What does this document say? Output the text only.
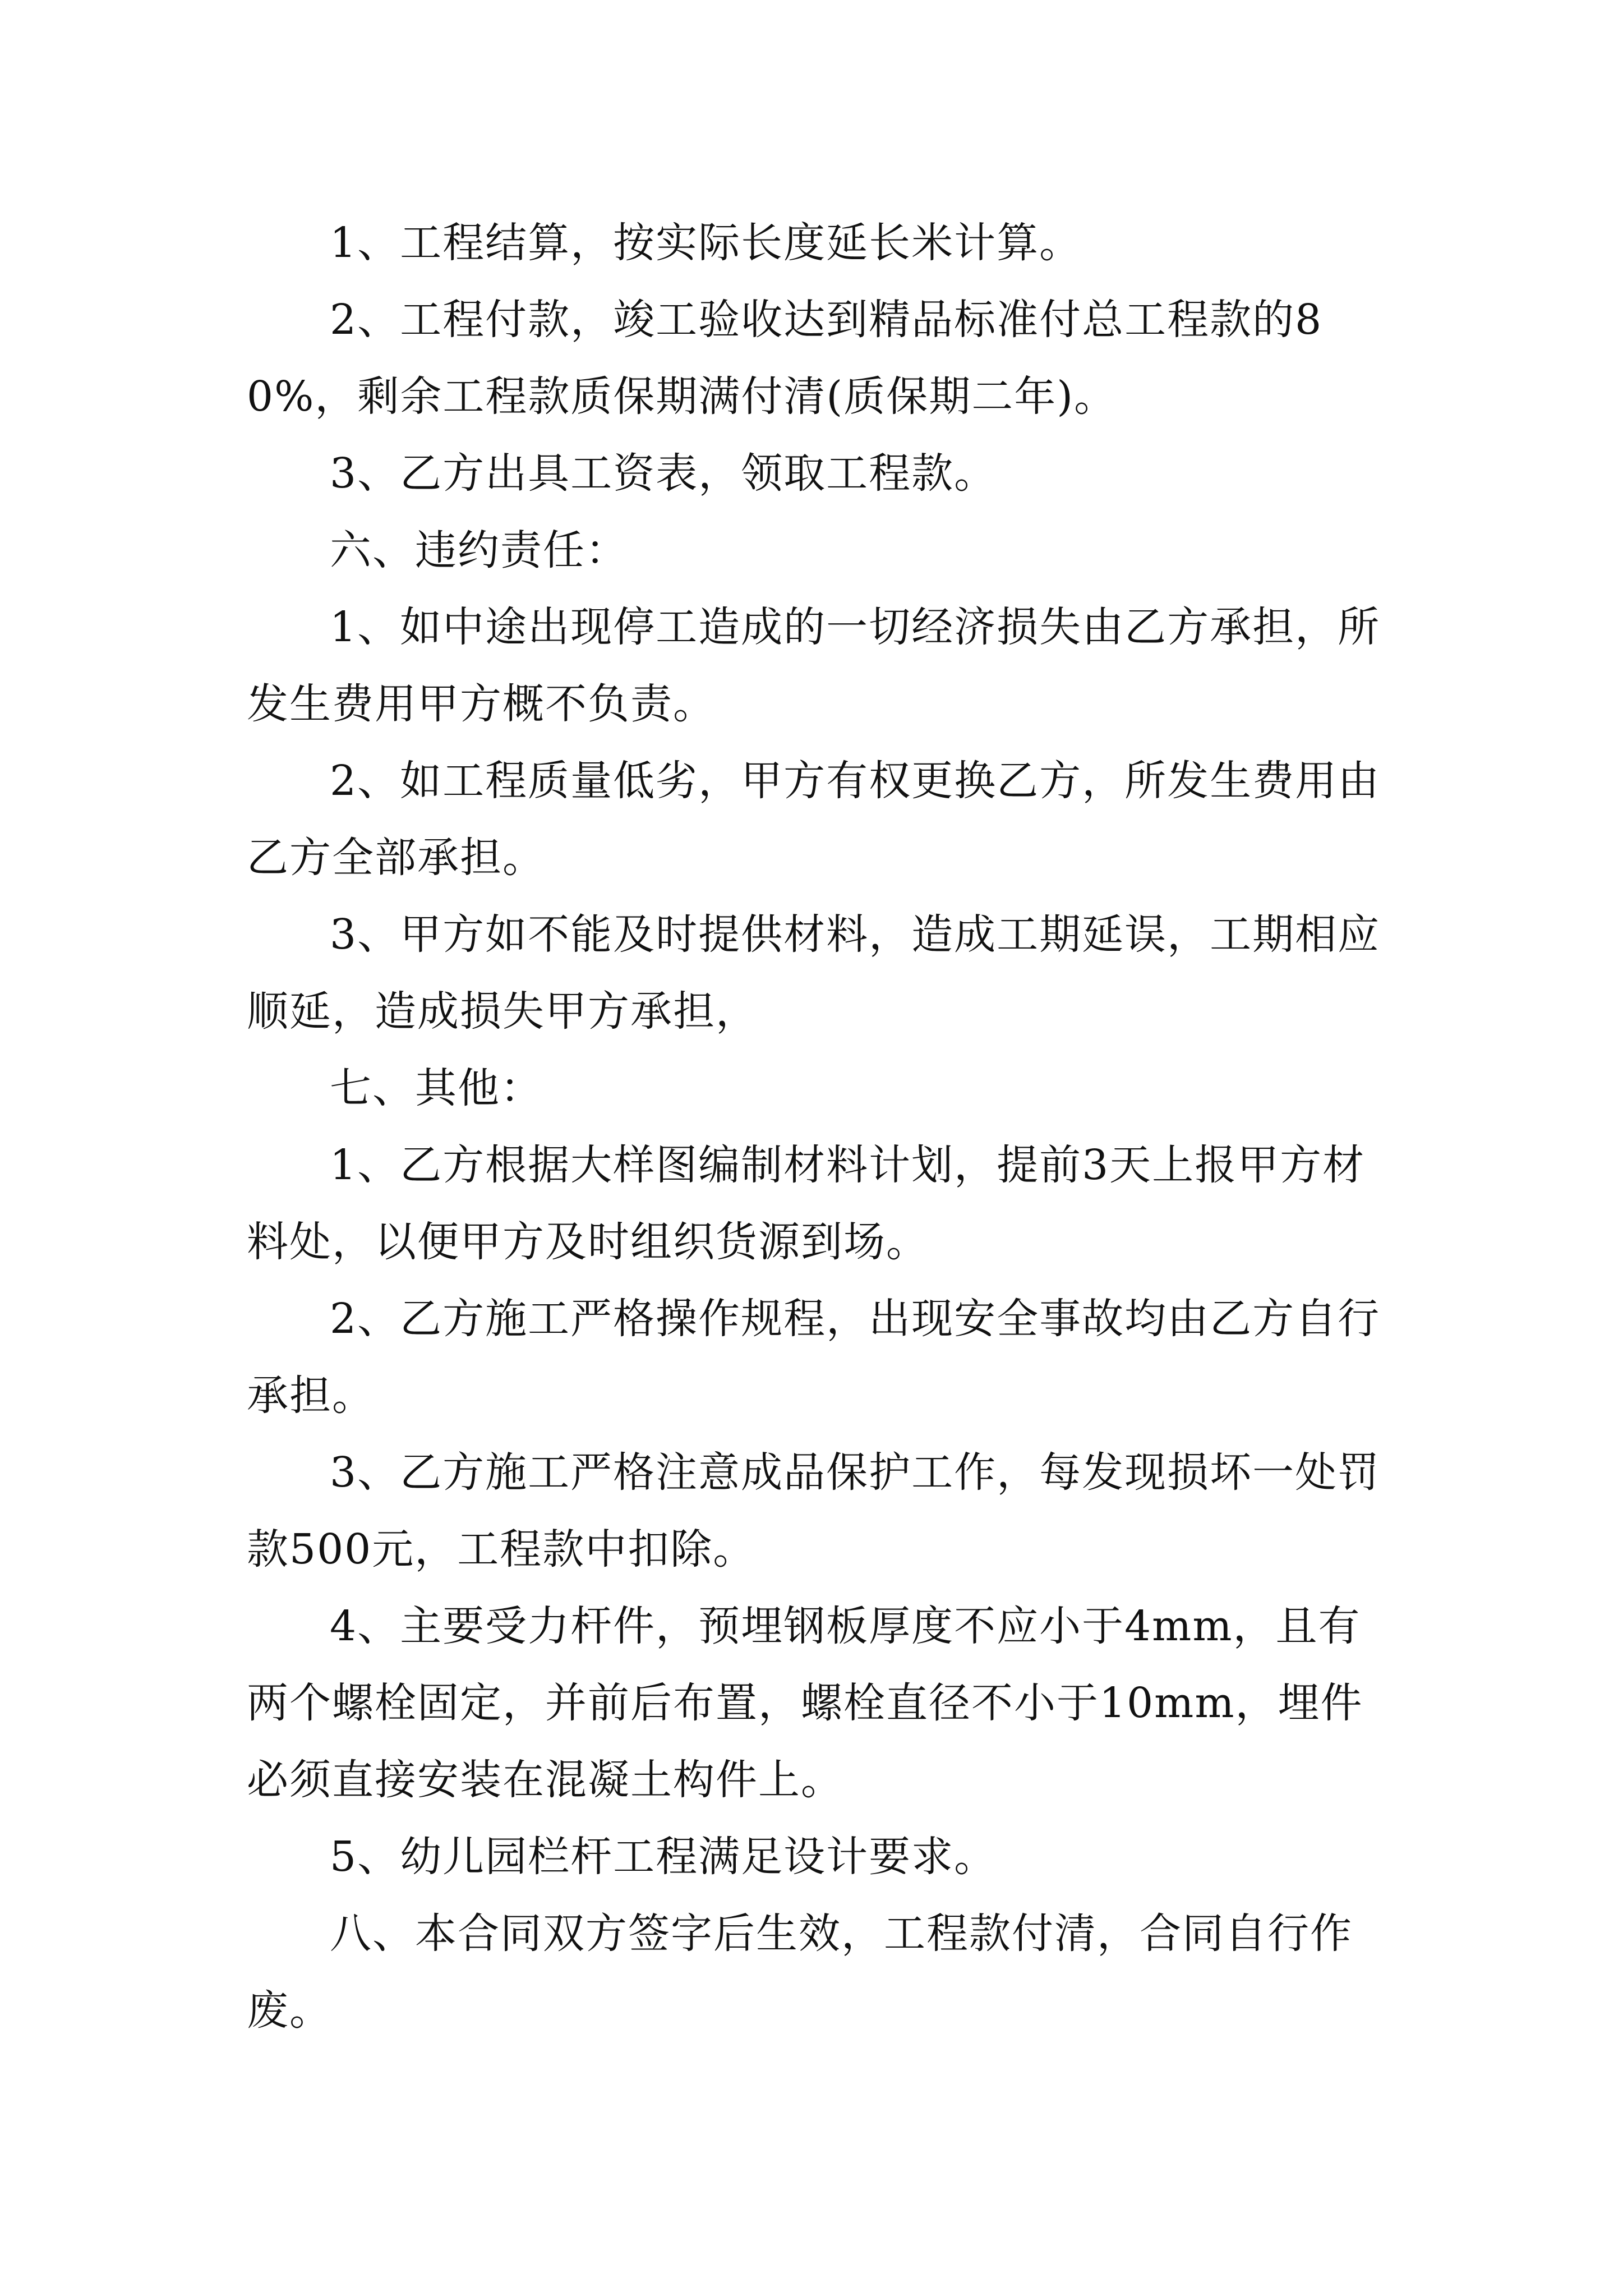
1、工程结算，按实际长度延长米计算。

2、工程付款，竣工验收达到精品标准付总工程款的80%，剩余工程款质保期满付清(质保期二年)。

3、乙方出具工资表，领取工程款。

六、违约责任：

1、如中途出现停工造成的一切经济损失由乙方承担，所发生费用甲方概不负责。

2、如工程质量低劣，甲方有权更换乙方，所发生费用由乙方全部承担。

3、甲方如不能及时提供材料，造成工期延误，工期相应顺延，造成损失甲方承担，

七、其他：

1、乙方根据大样图编制材料计划，提前3天上报甲方材料处，以便甲方及时组织货源到场。

2、乙方施工严格操作规程，出现安全事故均由乙方自行承担。

3、乙方施工严格注意成品保护工作，每发现损坏一处罚款500元，工程款中扣除。

4、主要受力杆件，预埋钢板厚度不应小于4mm，且有两个螺栓固定，并前后布置，螺栓直径不小于10mm，埋件必须直接安装在混凝土构件上。

5、幼儿园栏杆工程满足设计要求。

八、本合同双方签字后生效，工程款付清，合同自行作废。
